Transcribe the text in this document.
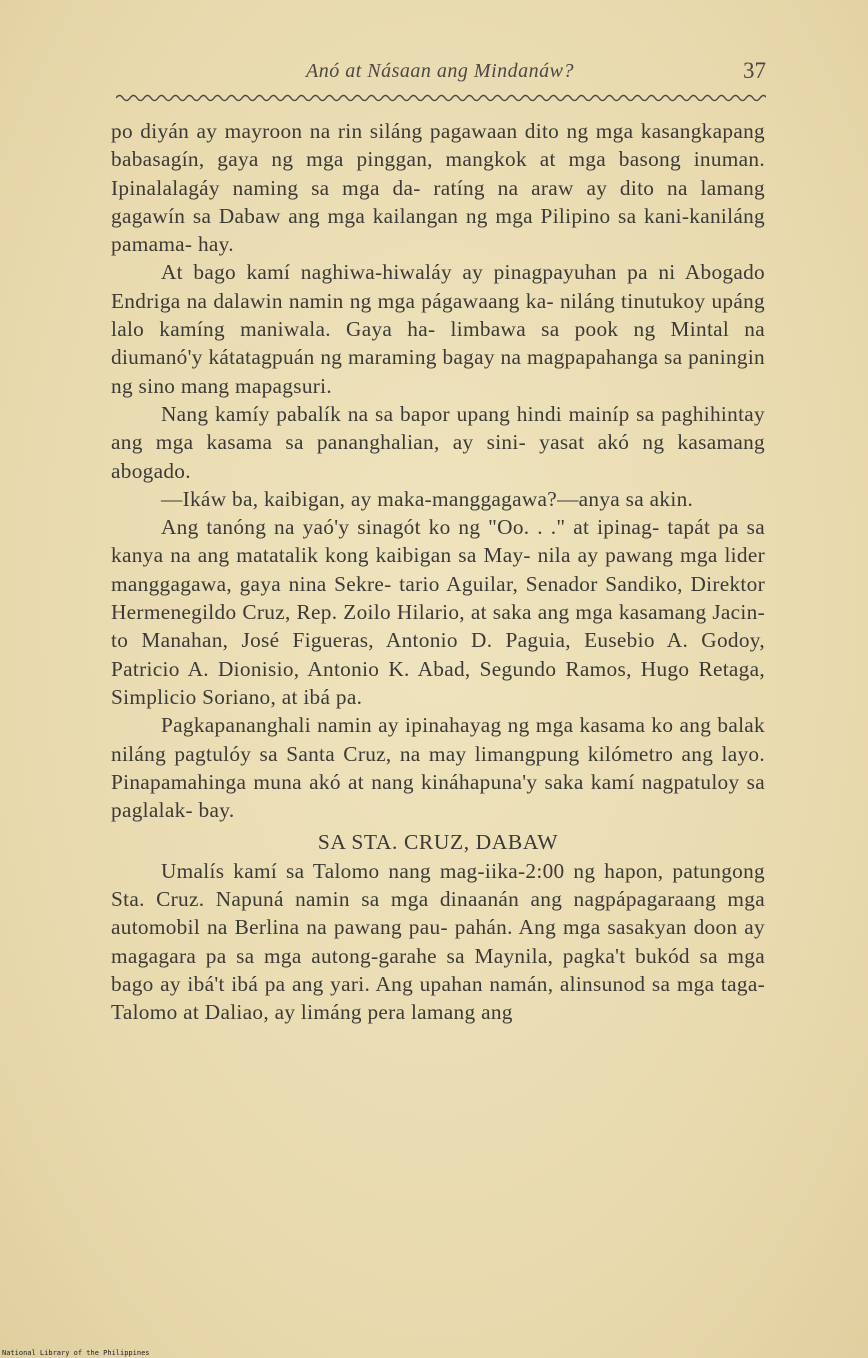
Anó at Násaan ang Mindanáw?	37

po diyán ay mayroon na rin siláng pagawaan dito ng mga kasangkapang babasagín, gaya ng mga pinggan, mangkok at mga basong inuman. Ipinalalagáy naming sa mga da- ratíng na araw ay dito na lamang gagawín sa Dabaw ang mga kailangan ng mga Pilipino sa kani-kaniláng pamama- hay.

At bago kamí naghiwa-hiwaláy ay pinagpayuhan pa ni Abogado Endriga na dalawin namin ng mga págawaang ka- niláng tinutukoy upáng lalo kamíng maniwala. Gaya ha- limbawa sa pook ng Mintal na diumanó'y kátatagpuán ng maraming bagay na magpapahanga sa paningin ng sino mang mapagsuri.

Nang kamíy pabalík na sa bapor upang hindi mainíp sa paghihintay ang mga kasama sa pananghalian, ay sini- yasat akó ng kasamang abogado.

—Ikáw ba, kaibigan, ay maka-manggagawa?—anya sa akin.

Ang tanóng na yaó'y sinagót ko ng "Oo. . ." at ipinag- tapát pa sa kanya na ang matatalik kong kaibigan sa May- nila ay pawang mga lider manggagawa, gaya nina Sekre- tario Aguilar, Senador Sandiko, Direktor Hermenegildo Cruz, Rep. Zoilo Hilario, at saka ang mga kasamang Jacin- to Manahan, José Figueras, Antonio D. Paguia, Eusebio A. Godoy, Patricio A. Dionisio, Antonio K. Abad, Segundo Ramos, Hugo Retaga, Simplicio Soriano, at ibá pa.

Pagkapananghali namin ay ipinahayag ng mga kasama ko ang balak niláng pagtulóy sa Santa Cruz, na may limangpung kilómetro ang layo. Pinapamahinga muna akó at nang kináhapuna'y saka kamí nagpatuloy sa paglalak- bay.

SA STA. CRUZ, DABAW

Umalís kamí sa Talomo nang mag-iika-2:00 ng hapon, patungong Sta. Cruz. Napuná namin sa mga dinaanán ang nagpápagaraang mga automobil na Berlina na pawang pau- pahán. Ang mga sasakyan doon ay magagara pa sa mga autong-garahe sa Maynila, pagka't bukód sa mga bago ay ibá't ibá pa ang yari. Ang upahan namán, alinsunod sa mga taga-Talomo at Daliao, ay limáng pera lamang ang

National Library of the Philippines
